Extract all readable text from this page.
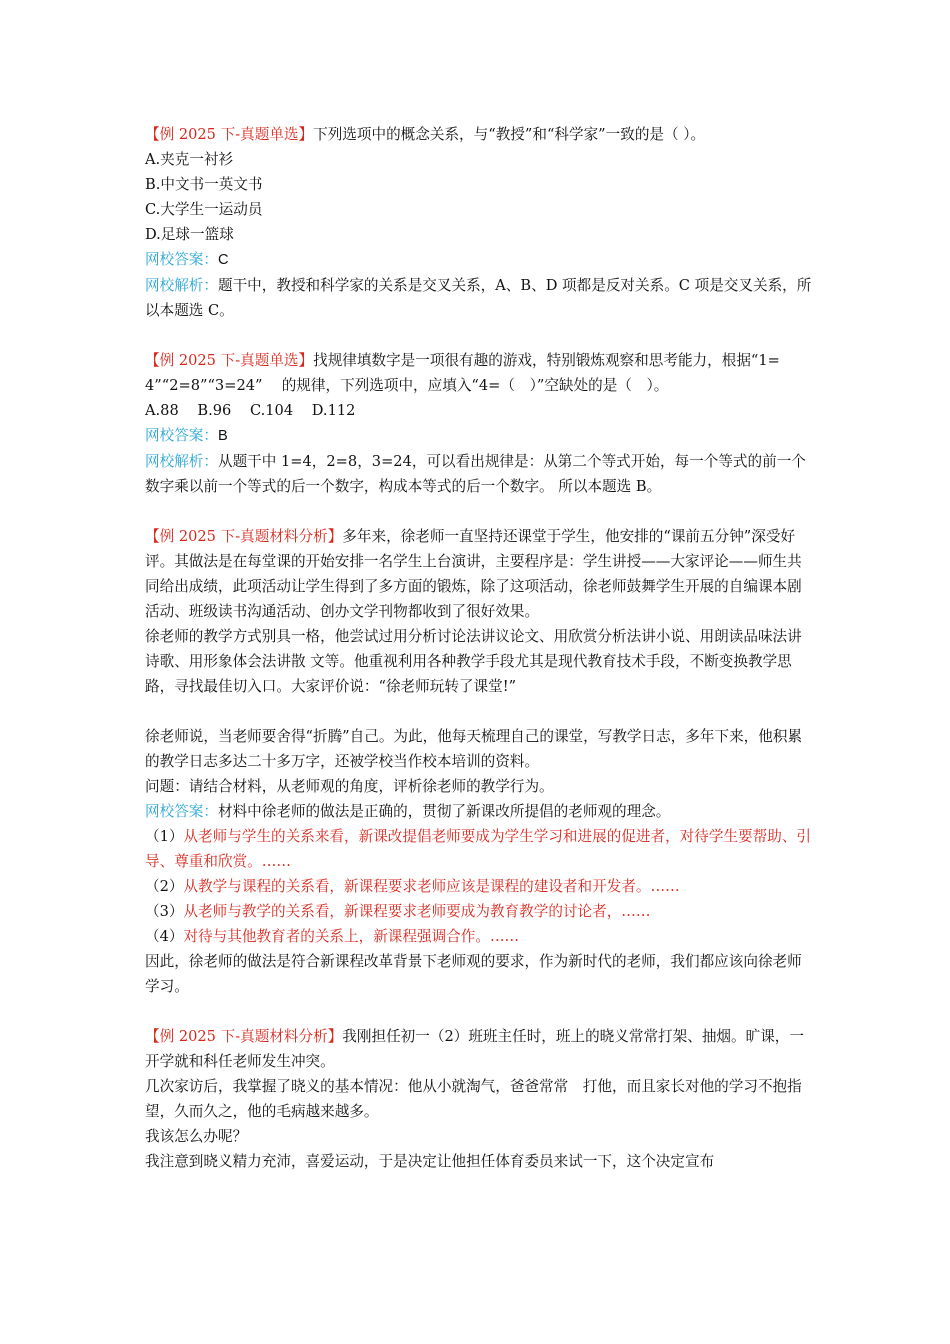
【例 2025 下-真题单选】下列选项中的概念关系，与“教授”和“科学家”一致的是（ ）。

A.夹克一衬衫

B.中文书一英文书

C.大学生一运动员

D.足球一篮球

网校答案：C

网校解析：题干中，教授和科学家的关系是交叉关系，A、B、D 项都是反对关系。C 项是交叉关系，所以本题选 C。

【例 2025 下-真题单选】找规律填数字是一项很有趣的游戏，特别锻炼观察和思考能力，根据“1=4”“2=8”“3=24”　 的规律，下列选项中，应填入“4=（　）”空缺处的是（　）。

A.88 B.96 C.104 D.112

网校答案：B

网校解析：从题干中 1=4，2=8，3=24，可以看出规律是：从第二个等式开始，每一个等式的前一个数字乘以前一个等式的后一个数字，构成本等式的后一个数字。 所以本题选 B。

【例 2025 下-真题材料分析】多年来，徐老师一直坚持还课堂于学生，他安排的“课前五分钟”深受好评。其做法是在每堂课的开始安排一名学生上台演讲，主要程序是：学生讲授——大家评论——师生共同给出成绩，此项活动让学生得到了多方面的锻炼，除了这项活动，徐老师鼓舞学生开展的自编课本剧活动、班级读书沟通活动、创办文学刊物都收到了很好效果。

徐老师的教学方式别具一格，他尝试过用分析讨论法讲议论文、用欣赏分析法讲小说、用朗读品味法讲诗歌、用形象体会法讲散 文等。他重视利用各种教学手段尤其是现代教育技术手段，不断变换教学思路，寻找最佳切入口。大家评价说：“徐老师玩转了课堂!”

徐老师说，当老师要舍得“折腾”自己。为此，他每天梳理自己的课堂，写教学日志，多年下来，他积累的教学日志多达二十多万字，还被学校当作校本培训的资料。

问题：请结合材料，从老师观的角度，评析徐老师的教学行为。

网校答案：材料中徐老师的做法是正确的，贯彻了新课改所提倡的老师观的理念。

（1）从老师与学生的关系来看，新课改提倡老师要成为学生学习和进展的促进者，对待学生要帮助、引导、尊重和欣赏。……

（2）从教学与课程的关系看，新课程要求老师应该是课程的建设者和开发者。……

（3）从老师与教学的关系看，新课程要求老师要成为教育教学的讨论者，……

（4）对待与其他教育者的关系上，新课程强调合作。……

因此，徐老师的做法是符合新课程改革背景下老师观的要求，作为新时代的老师，我们都应该向徐老师学习。

【例 2025 下-真题材料分析】我刚担任初一（2）班班主任时，班上的晓义常常打架、抽烟。旷课，一开学就和科任老师发生冲突。

几次家访后，我掌握了晓义的基本情况：他从小就淘气，爸爸常常　打他，而且家长对他的学习不抱指望，久而久之，他的毛病越来越多。

我该怎么办呢？

我注意到晓义精力充沛，喜爱运动，于是决定让他担任体育委员来试一下，这个决定宣布
